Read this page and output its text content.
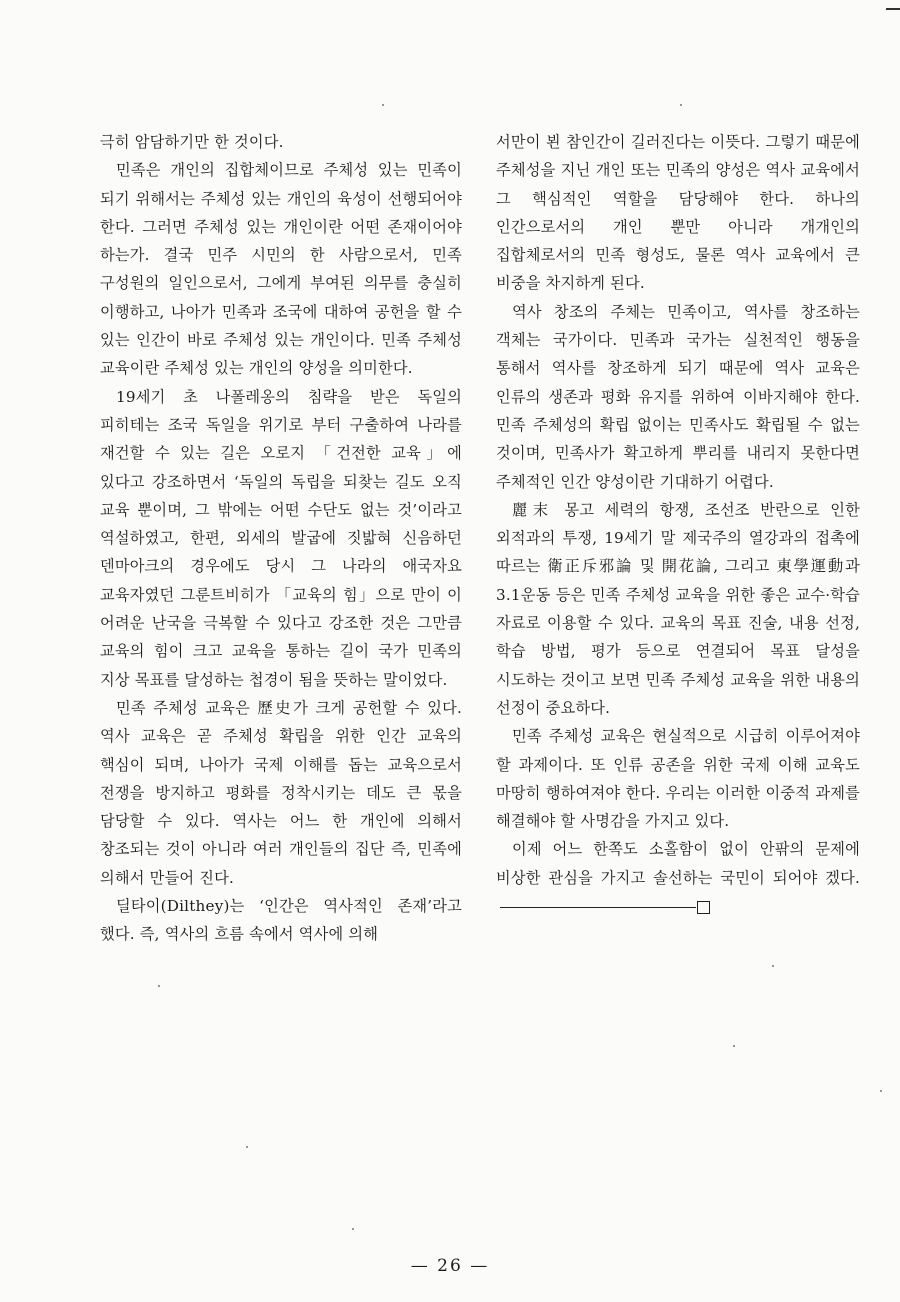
극히 암담하기만 한 것이다.

민족은 개인의 집합체이므로 주체성 있는 민족이 되기 위해서는 주체성 있는 개인의 육성이 선행되어야 한다. 그러면 주체성 있는 개인이란 어떤 존재이어야 하는가. 결국 민주 시민의 한 사람으로서, 민족 구성원의 일인으로서, 그에게 부여된 의무를 충실히 이행하고, 나아가 민족과 조국에 대하여 공헌을 할 수 있는 인간이 바로 주체성 있는 개인이다. 민족 주체성 교육이란 주체성 있는 개인의 양성을 의미한다.

19세기 초 나폴레옹의 침략을 받은 독일의 피히테는 조국 독일을 위기로 부터 구출하여 나라를 재건할 수 있는 길은 오로지 「건전한 교육」에 있다고 강조하면서 ‘독일의 독립을 되찾는 길도 오직 교육 뿐이며, 그 밖에는 어떤 수단도 없는 것’이라고 역설하였고, 한편, 외세의 발굽에 짓밟혀 신음하던 덴마아크의 경우에도 당시 그 나라의 애국자요 교육자였던 그룬트비히가 「교육의 힘」으로 만이 이 어려운 난국을 극복할 수 있다고 강조한 것은 그만큼 교육의 힘이 크고 교육을 통하는 길이 국가 민족의 지상 목표를 달성하는 첩경이 됨을 뜻하는 말이었다.

민족 주체성 교육은 歷史가 크게 공헌할 수 있다. 역사 교육은 곧 주체성 확립을 위한 인간 교육의 핵심이 되며, 나아가 국제 이해를 돕는 교육으로서 전쟁을 방지하고 평화를 정착시키는 데도 큰 몫을 담당할 수 있다. 역사는 어느 한 개인에 의해서 창조되는 것이 아니라 여러 개인들의 집단 즉, 민족에 의해서 만들어 진다.

딜타이(Dilthey)는 ‘인간은 역사적인 존재’라고 했다. 즉, 역사의 흐름 속에서 역사에 의해

서만이 뵌 참인간이 길러진다는 이뜻다. 그렇기 때문에 주체성을 지닌 개인 또는 민족의 양성은 역사 교육에서 그 핵심적인 역할을 담당해야 한다. 하나의 인간으로서의 개인 뿐만 아니라 개개인의 집합체로서의 민족 형성도, 물론 역사 교육에서 큰 비중을 차지하게 된다.

역사 창조의 주체는 민족이고, 역사를 창조하는 객체는 국가이다. 민족과 국가는 실천적인 행동을 통해서 역사를 창조하게 되기 때문에 역사 교육은 인류의 생존과 평화 유지를 위하여 이바지해야 한다. 민족 주체성의 확립 없이는 민족사도 확립될 수 없는 것이며, 민족사가 확고하게 뿌리를 내리지 못한다면 주체적인 인간 양성이란 기대하기 어렵다.

麗末 몽고 세력의 항쟁, 조선조 반란으로 인한 외적과의 투쟁, 19세기 말 제국주의 열강과의 접촉에 따르는 衛正斥邪論 및 開花論, 그리고 東學運動과 3.1운동 등은 민족 주체성 교육을 위한 좋은 교수·학습 자료로 이용할 수 있다. 교육의 목표 진술, 내용 선정, 학습 방법, 평가 등으로 연결되어 목표 달성을 시도하는 것이고 보면 민족 주체성 교육을 위한 내용의 선정이 중요하다.

민족 주체성 교육은 현실적으로 시급히 이루어져야 할 과제이다. 또 인류 공존을 위한 국제 이해 교육도 마땅히 행하여져야 한다. 우리는 이러한 이중적 과제를 해결해야 할 사명감을 가지고 있다.

이제 어느 한쪽도 소홀함이 없이 안팎의 문제에 비상한 관심을 가지고 솔선하는 국민이 되어야 겠다.

— 26 —
